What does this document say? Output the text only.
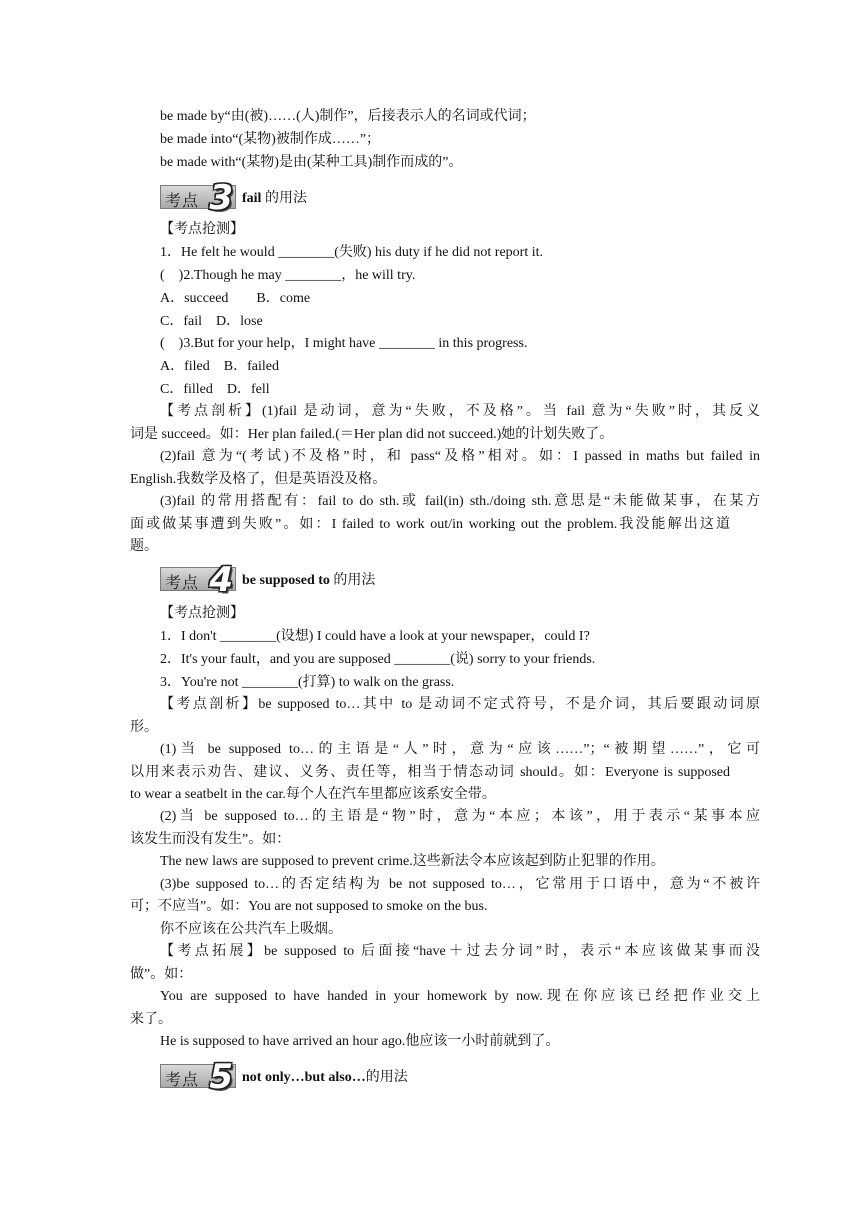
be made by“由(被)……(人)制作”，后接表示人的名词或代词；
be made into“(某物)被制作成……”；
be made with“(某物)是由(某种工具)制作而成的”。
考点 3 fail 的用法
【考点抢测】
1．He felt he would ________(失败) his duty if he did not report it.
(　)2.Though he may ________，he will try.
A．succeed　　B．come
C．fail　D．lose
(　)3.But for your help，I might have ________ in this progress.
A．filed　B．failed
C．filled　D．fell
【考点剖析】(1)fail 是动词，意为“失败，不及格”。当 fail 意为“失败”时，其反义
词是 succeed。如：Her plan failed.(＝Her plan did not succeed.)她的计划失败了。
(2)fail 意为“(考试)不及格”时，和 pass“及格”相对。如：I passed in maths but failed in
English.我数学及格了，但是英语没及格。
(3)fail 的常用搭配有：fail to do sth.或 fail(in) sth./doing sth.意思是“未能做某事，在某方
面或做某事遭到失败”。如：I failed to work out/in working out the problem.我没能解出这道
题。
考点 4 be supposed to 的用法
【考点抢测】
1．I don't ________(设想) I could have a look at your newspaper，could I?
2．It's your fault，and you are supposed ________(说) sorry to your friends.
3．You're not ________(打算) to walk on the grass.
【考点剖析】be supposed to…其中 to 是动词不定式符号，不是介词，其后要跟动词原
形。
(1)当 be supposed to…的主语是“人”时，意为“应该……”；“被期望……”，它可
以用来表示劝告、建议、义务、责任等，相当于情态动词 should。如：Everyone is supposed
to wear a seatbelt in the car.每个人在汽车里都应该系安全带。
(2)当 be supposed to…的主语是“物”时，意为“本应；本该”，用于表示“某事本应
该发生而没有发生”。如：
The new laws are supposed to prevent crime.这些新法令本应该起到防止犯罪的作用。
(3)be supposed to…的否定结构为 be not supposed to…，它常用于口语中，意为“不被许
可；不应当”。如：You are not supposed to smoke on the bus.
你不应该在公共汽车上吸烟。
【考点拓展】be supposed to 后面接“have＋过去分词”时，表示“本应该做某事而没
做”。如：
You are supposed to have handed in your homework by now.现在你应该已经把作业交上
来了。
He is supposed to have arrived an hour ago.他应该一小时前就到了。
考点 5 not only…but also…的用法
